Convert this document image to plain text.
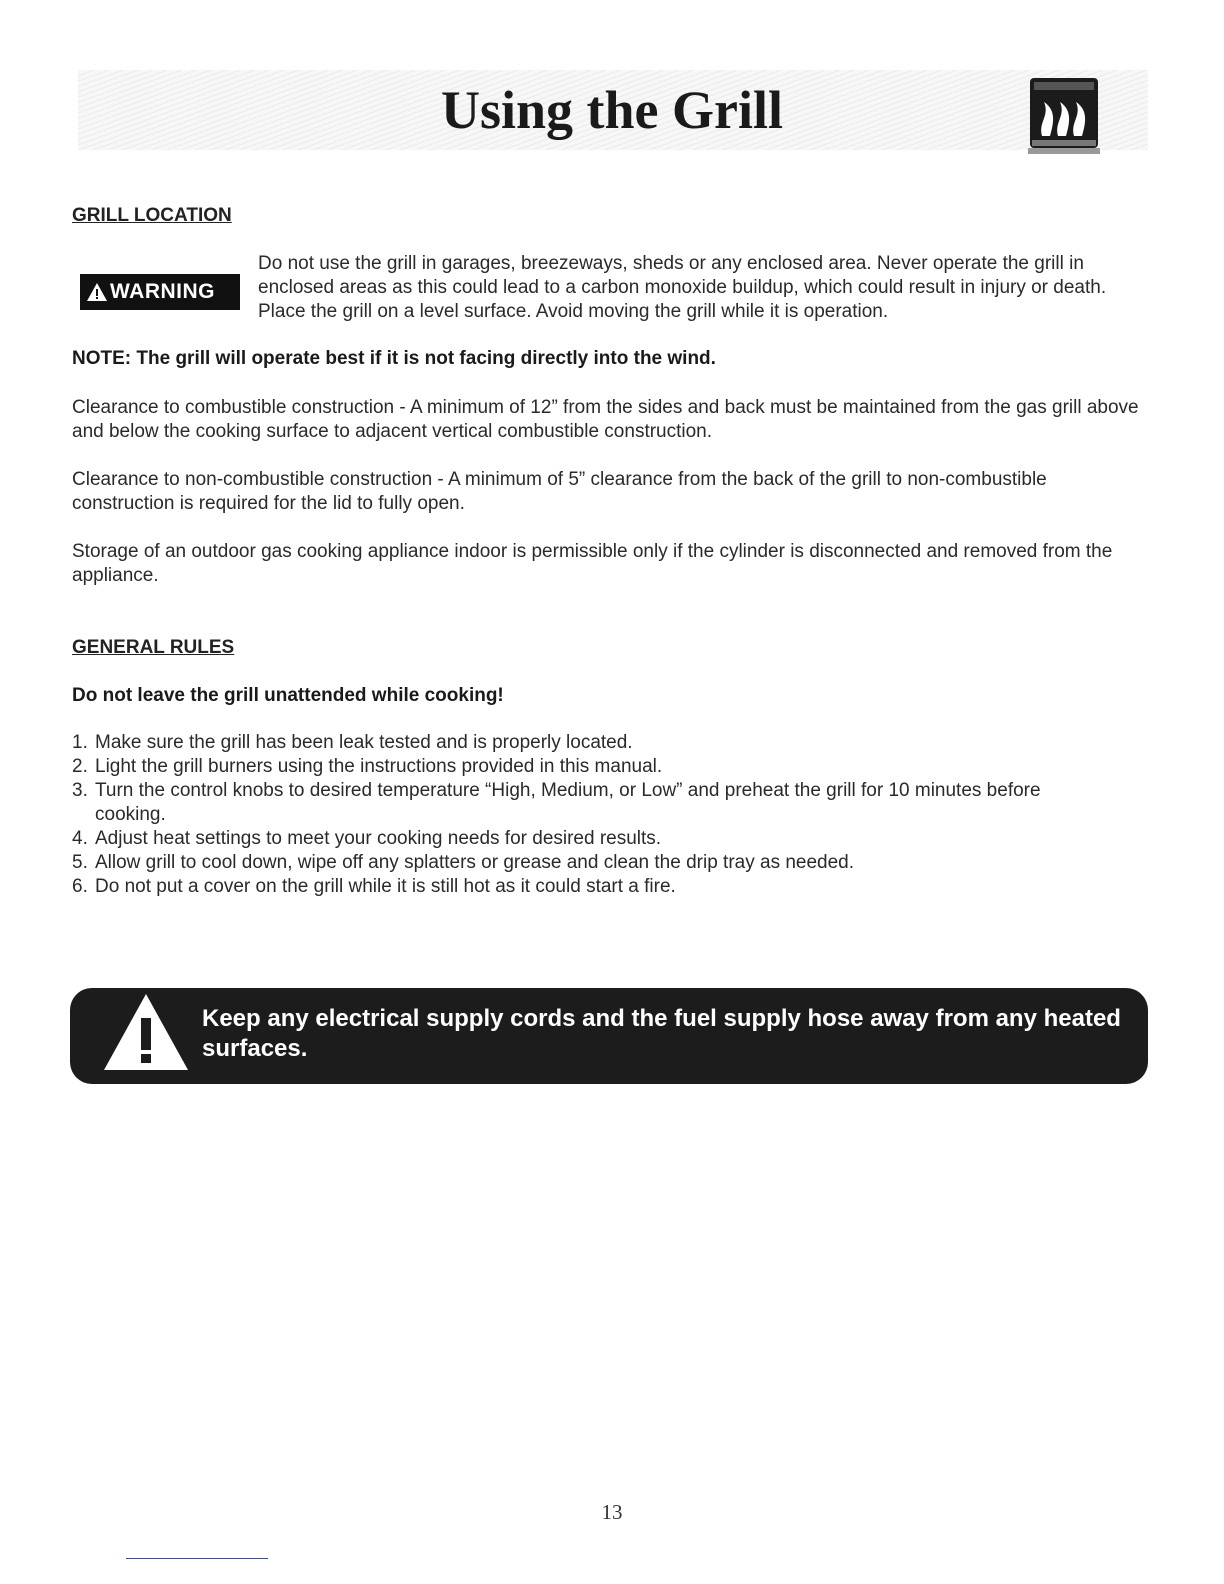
Using the Grill
GRILL LOCATION
WARNING

Do not use the grill in garages, breezeways, sheds or any enclosed area. Never operate the grill in enclosed areas as this could lead to a carbon monoxide buildup, which could result in injury or death. Place the grill on a level surface. Avoid moving the grill while it is operation.

NOTE: The grill will operate best if it is not facing directly into the wind.

Clearance to combustible construction - A minimum of 12” from the sides and back must be maintained from the gas grill above and below the cooking surface to adjacent vertical combustible construction.

Clearance to non-combustible construction - A minimum of 5” clearance from the back of the grill to non-combustible construction is required for the lid to fully open.

Storage of an outdoor gas cooking appliance indoor is permissible only if the cylinder is disconnected and removed from the appliance.

GENERAL RULES

Do not leave the grill unattended while cooking!

1. Make sure the grill has been leak tested and is properly located.
2. Light the grill burners using the instructions provided in this manual.
3. Turn the control knobs to desired temperature “High, Medium, or Low” and preheat the grill for 10 minutes before cooking.
4. Adjust heat settings to meet your cooking needs for desired results.
5. Allow grill to cool down, wipe off any splatters or grease and clean the drip tray as needed.
6. Do not put a cover on the grill while it is still hot as it could start a fire.

Keep any electrical supply cords and the fuel supply hose away from any heated surfaces.

13
